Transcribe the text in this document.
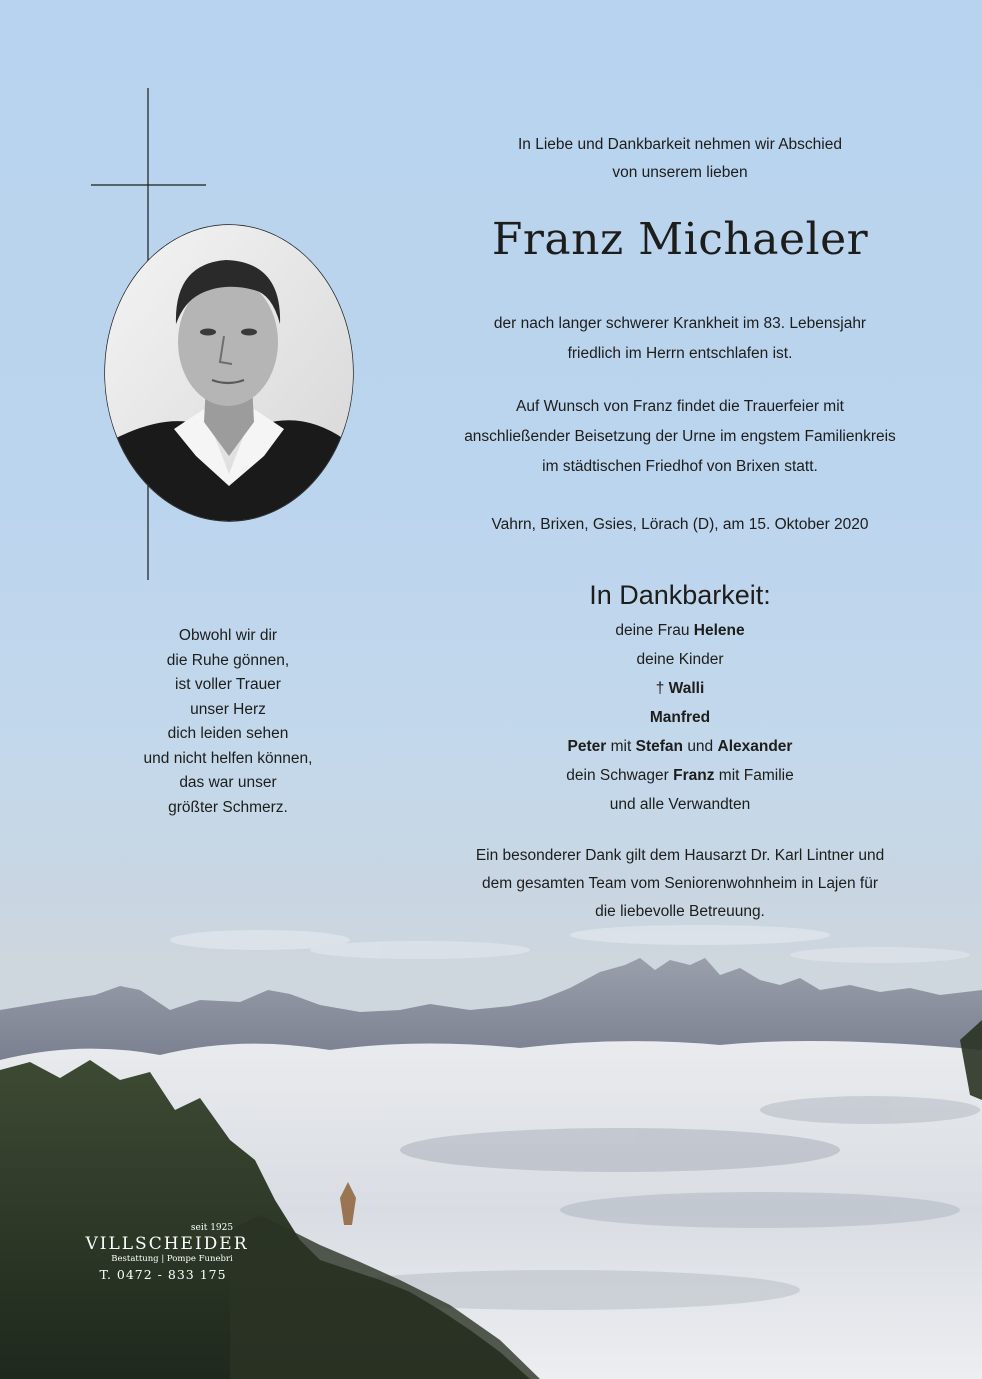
In Liebe und Dankbarkeit nehmen wir Abschied
von unserem lieben
Franz Michaeler
der nach langer schwerer Krankheit im 83. Lebensjahr
friedlich im Herrn entschlafen ist.
Auf Wunsch von Franz findet die Trauerfeier mit
anschließender Beisetzung der Urne im engstem Familienkreis
im städtischen Friedhof von Brixen statt.
Vahrn, Brixen, Gsies, Lörach (D), am 15. Oktober 2020
In Dankbarkeit:
deine Frau Helene
deine Kinder
† Walli
Manfred
Peter mit Stefan und Alexander
dein Schwager Franz mit Familie
und alle Verwandten
Ein besonderer Dank gilt dem Hausarzt Dr. Karl Lintner und
dem gesamten Team vom Seniorenwohnheim in Lajen für
die liebevolle Betreuung.
Obwohl wir dir
die Ruhe gönnen,
ist voller Trauer
unser Herz
dich leiden sehen
und nicht helfen können,
das war unser
größter Schmerz.
seit 1925
VILLSCHEIDER
Bestattung | Pompe Funebri
T. 0472 - 833 175
